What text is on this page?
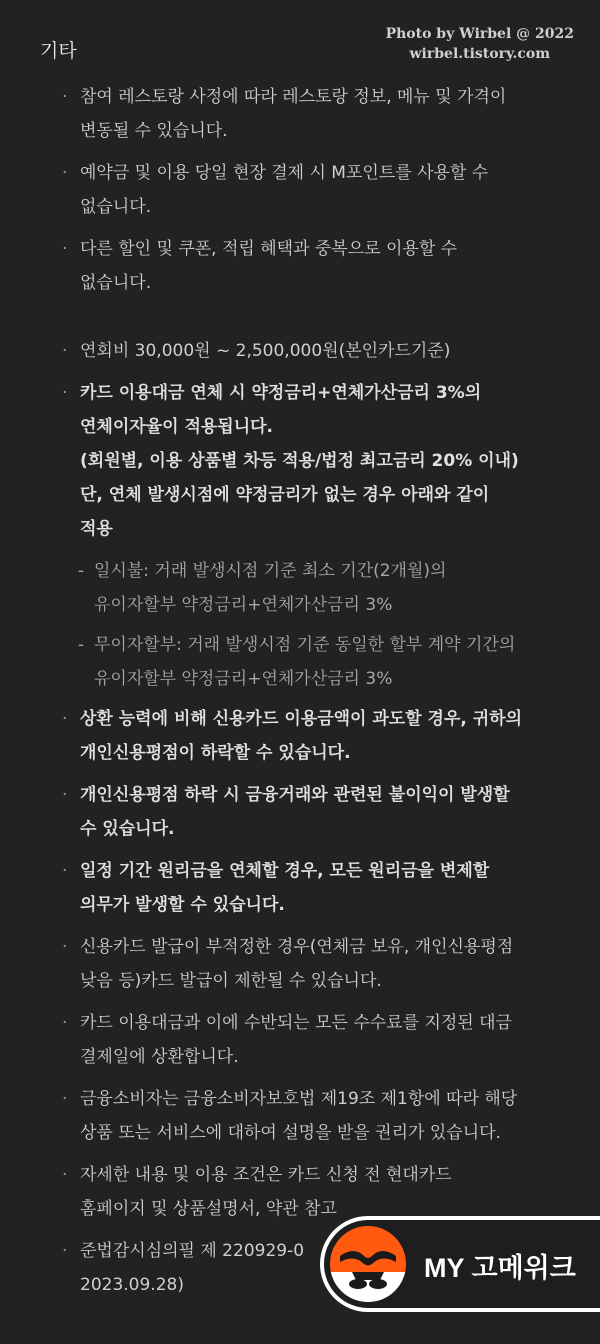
기타
Photo by Wirbel @ 2022
wirbel.tistory.com
· 참여 레스토랑 사정에 따라 레스토랑 정보, 메뉴 및 가격이
변동될 수 있습니다.
· 예약금 및 이용 당일 현장 결제 시 M포인트를 사용할 수
없습니다.
· 다른 할인 및 쿠폰, 적립 혜택과 중복으로 이용할 수
없습니다.
· 연회비 30,000원 ~ 2,500,000원(본인카드기준)
· 카드 이용대금 연체 시 약정금리+연체가산금리 3%의
연체이자율이 적용됩니다.
(회원별, 이용 상품별 차등 적용/법정 최고금리 20% 이내)
단, 연체 발생시점에 약정금리가 없는 경우 아래와 같이
적용
- 일시불: 거래 발생시점 기준 최소 기간(2개월)의
유이자할부 약정금리+연체가산금리 3%
- 무이자할부: 거래 발생시점 기준 동일한 할부 계약 기간의
유이자할부 약정금리+연체가산금리 3%
· 상환 능력에 비해 신용카드 이용금액이 과도할 경우, 귀하의
개인신용평점이 하락할 수 있습니다.
· 개인신용평점 하락 시 금융거래와 관련된 불이익이 발생할
수 있습니다.
· 일정 기간 원리금을 연체할 경우, 모든 원리금을 변제할
의무가 발생할 수 있습니다.
· 신용카드 발급이 부적정한 경우(연체금 보유, 개인신용평점
낮음 등)카드 발급이 제한될 수 있습니다.
· 카드 이용대금과 이에 수반되는 모든 수수료를 지정된 대금
결제일에 상환합니다.
· 금융소비자는 금융소비자보호법 제19조 제1항에 따라 해당
상품 또는 서비스에 대하여 설명을 받을 권리가 있습니다.
· 자세한 내용 및 이용 조건은 카드 신청 전 현대카드
홈페이지 및 상품설명서, 약관 참고
· 준법감시심의필 제 220929-0
2023.09.28)
MY 고메위크
